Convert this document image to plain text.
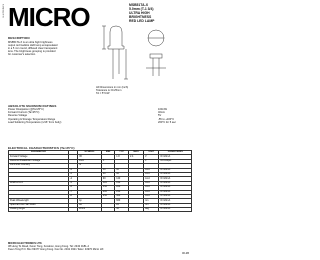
ELECTRONICS MICRO	MSB51TA-X
5.0mm (T-1 3/4)
ULTRA HIGH
BRIGHTNESS
RED LED LAMP
DESCRIPTION
MSB51TA-X is an ultra high brightness output red GaAlAs LED lamp encapsulated in a 5 mm round, diffused clear transparent lens. The brightness grouping is provided for customer's selection.
All Dimensions in mm (inch)
Tolerance is ±0.25mm
TA = 5°C/W
ABSOLUTE MAXIMUM RATINGS
Power Dissipation (@Ta=25°C)	100mW
Forward Current (Ta=25°C)	40mA
Reverse Voltage	5V
Operating & Storage Temperature Range	-55 to +100°C
Lead Soldering Temperature (1/16" from body)	260°C for 5 sec
ELECTRICAL CHARACTERISTICS (Ta=25°C)
PARAMETER		SYMBOL	MIN	TYP	MAX	UNIT	CONDITIONS
Forward Voltage		VF		1.8	2.4	V	IF=20mA
Reverse Breakdown Voltage		BVR	5			V	IR=100μA
Luminous Intensity		IV					
	-2		30	60		mcd	IF=20mA
	-3		60	90		mcd	IF=20mA
	-4		90	120		mcd	IF=20mA
MSB51TA-X	-5		120	150		mcd	IF=20mA
	-6		150	200		mcd	IF=20mA
	-7		200	250		mcd	IF=20mA
	-8		250	300		mcd	IF=20mA
Peak Wavelength		λp		660		nm	IF=20mA
Spectral Line Half Width		Δλ		20		nm	IF=20mA
Viewing Angle		2θ1/2		30		deg	IF=20mA
MICRO ELECTRONICS LTD.
38 Hung To Road, Kwun Tong, Kowloon, Hong Kong. Tel: 2343 0181-4
Kwun Tong P.O. Box 69477 Hong Kong. Fax No. 2341 0321 Telex: 43970 Micro HX
00-2B
